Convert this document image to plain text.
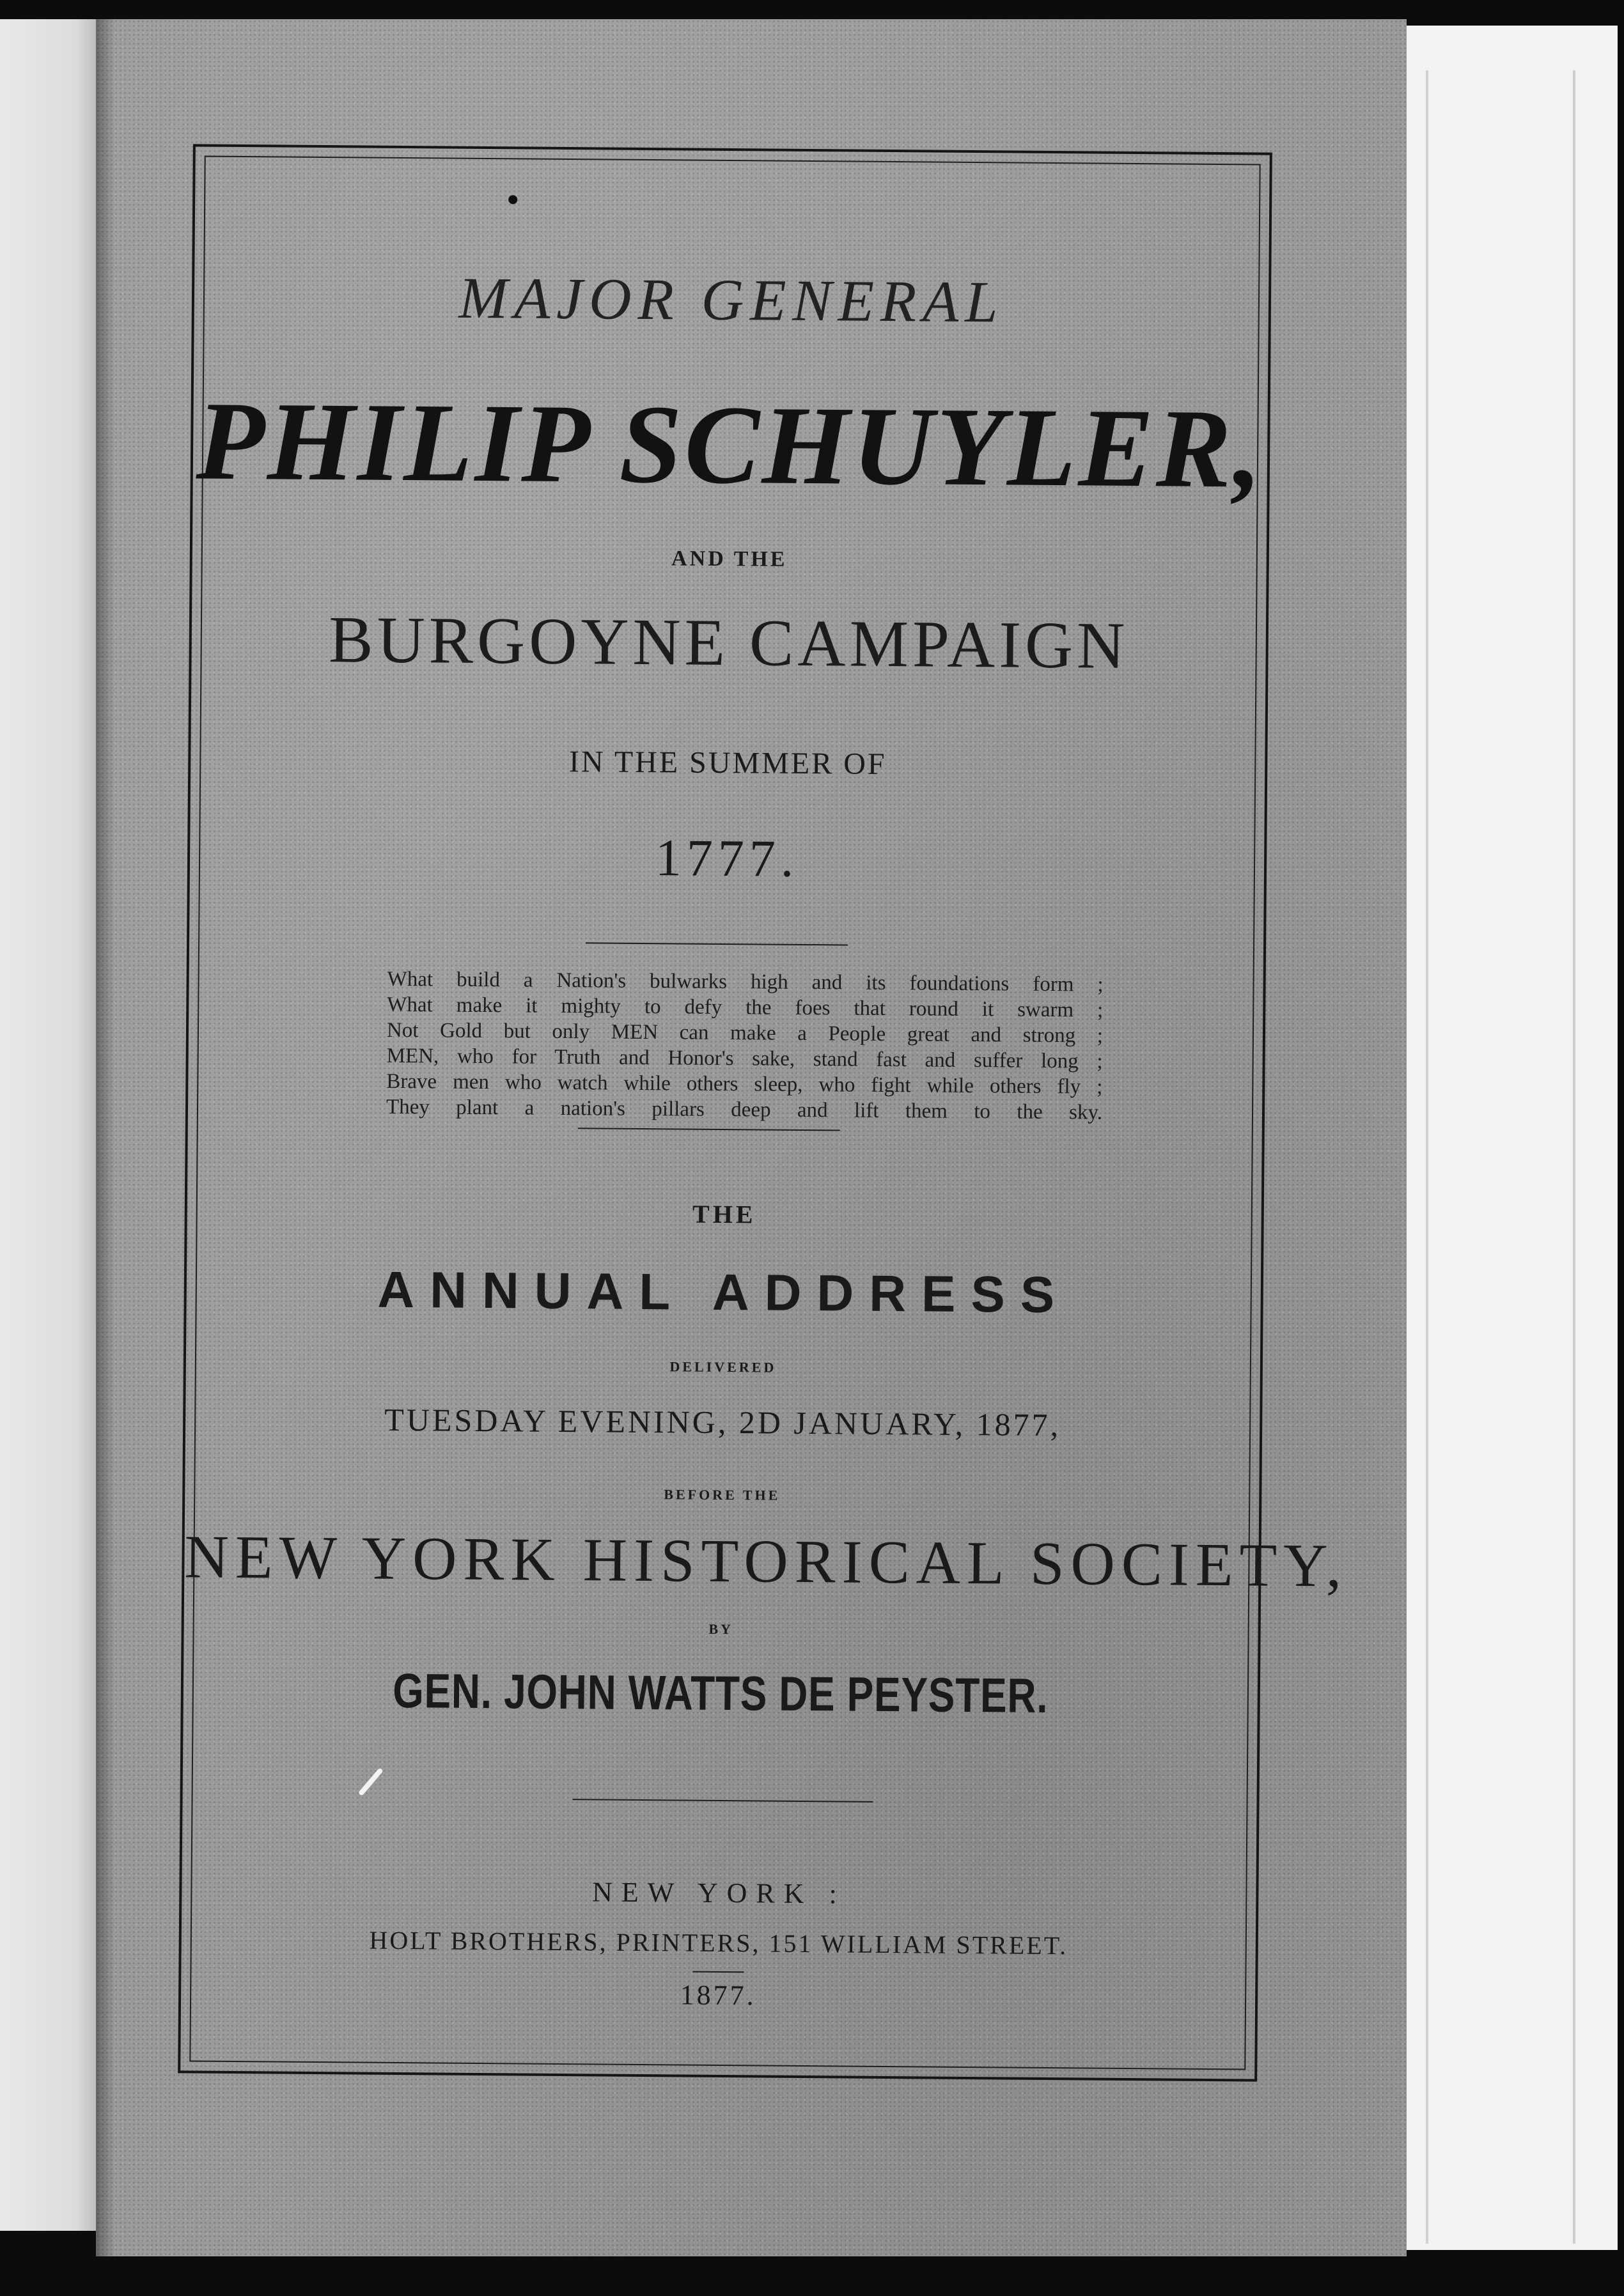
MAJOR GENERAL
PHILIP SCHUYLER,
AND THE
BURGOYNE CAMPAIGN
IN THE SUMMER OF
1777.
What build a Nation's bulwarks high and its foundations form ;
What make it mighty to defy the foes that round it swarm ;
Not Gold but only MEN can make a People great and strong ;
MEN, who for Truth and Honor's sake, stand fast and suffer long ;
Brave men who watch while others sleep, who fight while others fly ;
They plant a nation's pillars deep and lift them to the sky.
THE
ANNUAL ADDRESS
DELIVERED
TUESDAY EVENING, 2D JANUARY, 1877,
BEFORE THE
NEW YORK HISTORICAL SOCIETY,
BY
GEN. JOHN WATTS DE PEYSTER.
NEW YORK :
HOLT BROTHERS, PRINTERS, 151 WILLIAM STREET.
1877.
